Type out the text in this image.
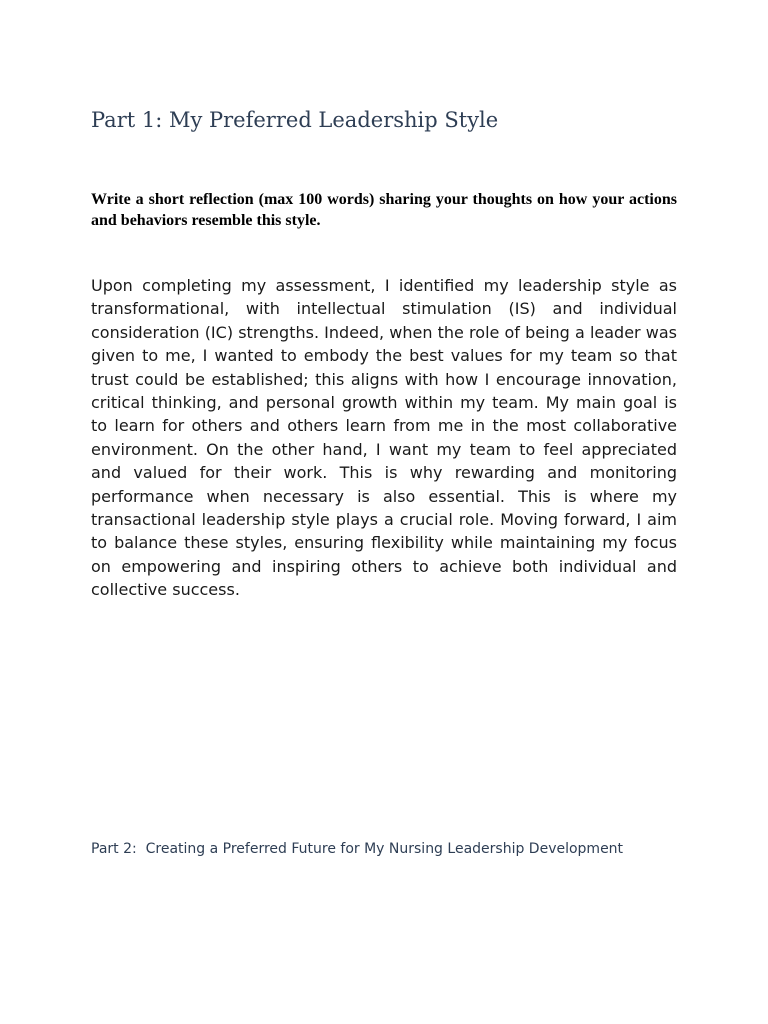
Part 1: My Preferred Leadership Style

Write a short reflection (max 100 words) sharing your thoughts on how your actions and behaviors resemble this style.

Upon completing my assessment, I identified my leadership style as transformational, with intellectual stimulation (IS) and individual consideration (IC) strengths. Indeed, when the role of being a leader was given to me, I wanted to embody the best values for my team so that trust could be established; this aligns with how I encourage innovation, critical thinking, and personal growth within my team. My main goal is to learn for others and others learn from me in the most collaborative environment. On the other hand, I want my team to feel appreciated and valued for their work. This is why rewarding and monitoring performance when necessary is also essential. This is where my transactional leadership style plays a crucial role. Moving forward, I aim to balance these styles, ensuring flexibility while maintaining my focus on empowering and inspiring others to achieve both individual and collective success.

Part 2:  Creating a Preferred Future for My Nursing Leadership Development
